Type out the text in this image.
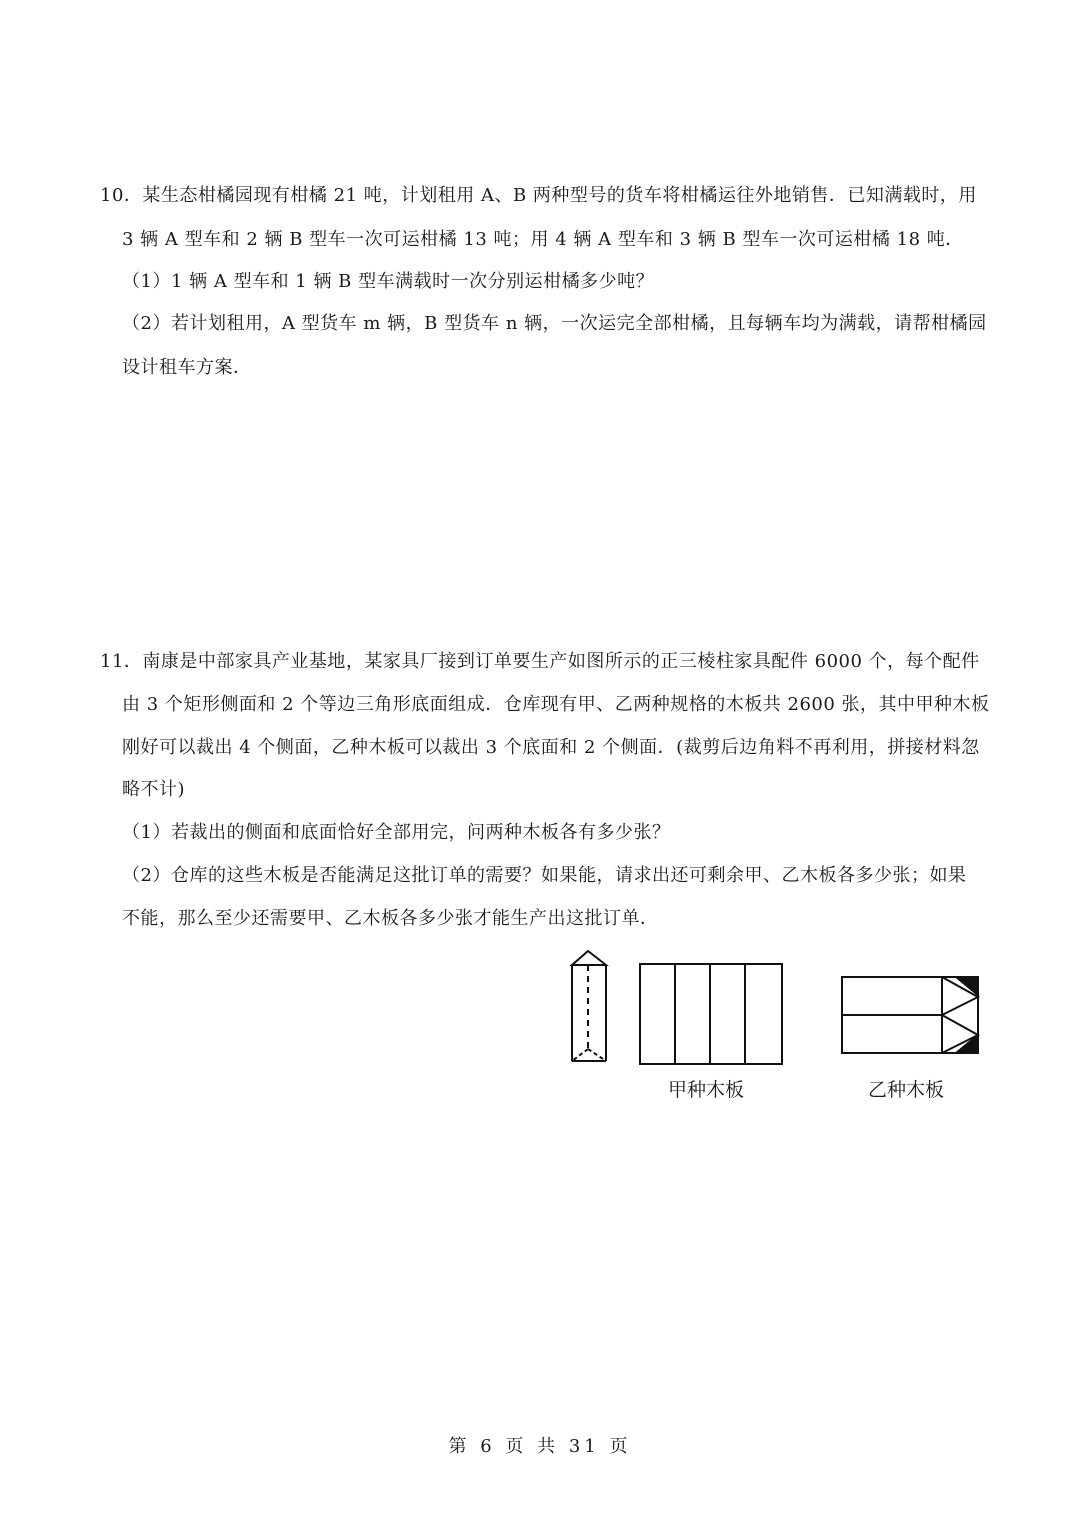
10．某生态柑橘园现有柑橘 21 吨，计划租用 A、B 两种型号的货车将柑橘运往外地销售．已知满载时，用
3 辆 A 型车和 2 辆 B 型车一次可运柑橘 13 吨；用 4 辆 A 型车和 3 辆 B 型车一次可运柑橘 18 吨．
（1）1 辆 A 型车和 1 辆 B 型车满载时一次分别运柑橘多少吨？
（2）若计划租用，A 型货车 m 辆，B 型货车 n 辆，一次运完全部柑橘，且每辆车均为满载，请帮柑橘园
设计租车方案．
11．南康是中部家具产业基地，某家具厂接到订单要生产如图所示的正三棱柱家具配件 6000 个，每个配件
由 3 个矩形侧面和 2 个等边三角形底面组成．仓库现有甲、乙两种规格的木板共 2600 张，其中甲种木板
刚好可以裁出 4 个侧面，乙种木板可以裁出 3 个底面和 2 个侧面．(裁剪后边角料不再利用，拼接材料忽
略不计)
（1）若裁出的侧面和底面恰好全部用完，问两种木板各有多少张？
（2）仓库的这些木板是否能满足这批订单的需要？如果能，请求出还可剩余甲、乙木板各多少张；如果
不能，那么至少还需要甲、乙木板各多少张才能生产出这批订单．
甲种木板	乙种木板
第 6 页 共 31 页
